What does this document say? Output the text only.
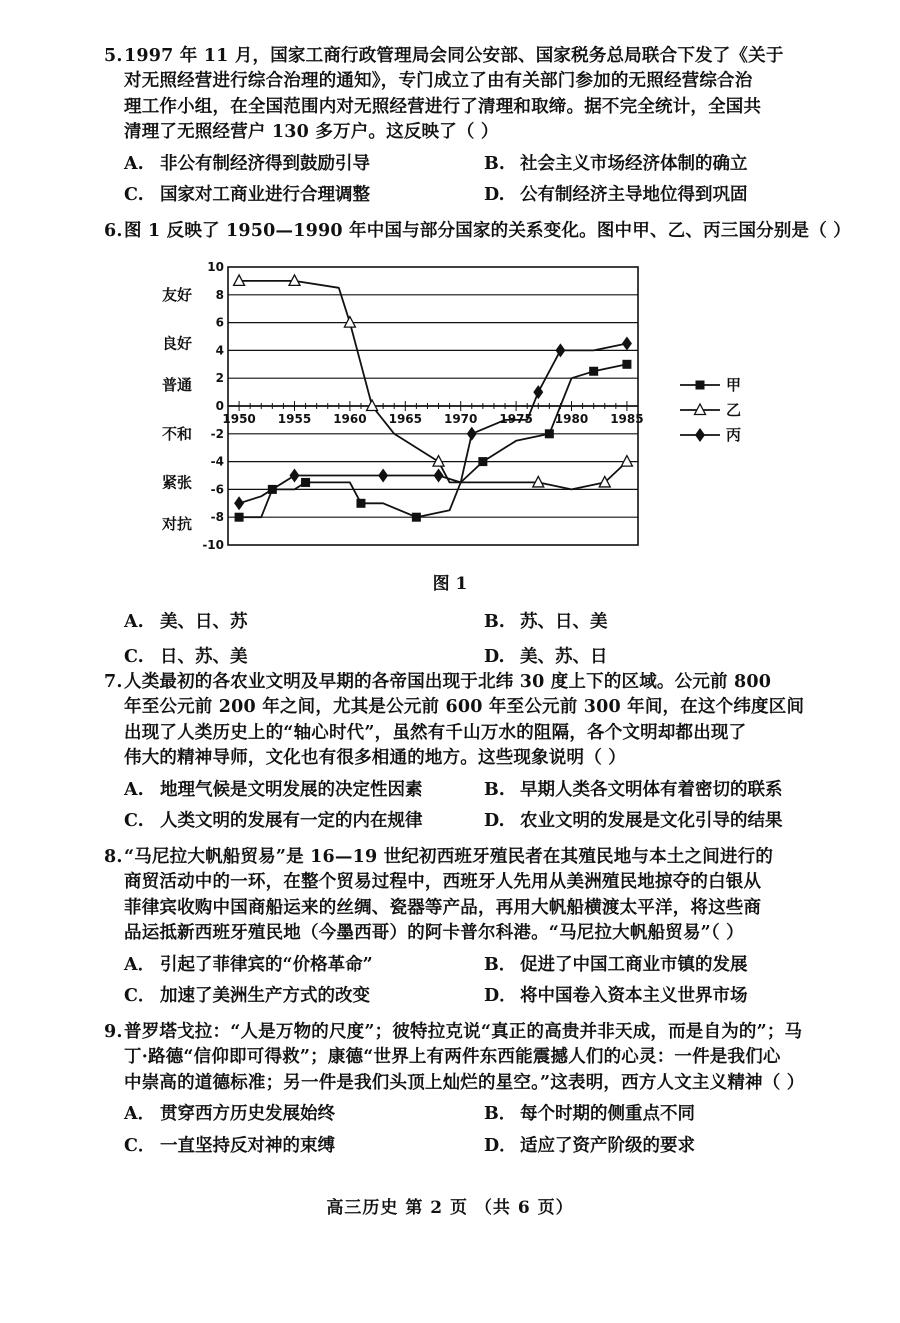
5.1997 年 11 月，国家工商行政管理局会同公安部、国家税务总局联合下发了《关于
对无照经营进行综合治理的通知》，专门成立了由有关部门参加的无照经营综合治
理工作小组，在全国范围内对无照经营进行了清理和取缔。据不完全统计，全国共
清理了无照经营户 130 多万户。这反映了（ ）
A. 非公有制经济得到鼓励引导	B. 社会主义市场经济体制的确立
C. 国家对工商业进行合理调整	D. 公有制经济主导地位得到巩固
6.图 1 反映了 1950—1990 年中国与部分国家的关系变化。图中甲、乙、丙三国分别是（ ）
10
8
6
4
2
0
-2
-4
-6
-8
-10
1950 1955 1960 1965 1970 1975 1980 1985
友好
良好
普通
不和
紧张
对抗
甲
乙
丙
图 1
A. 美、日、苏	B. 苏、日、美
C. 日、苏、美	D. 美、苏、日
7.人类最初的各农业文明及早期的各帝国出现于北纬 30 度上下的区域。公元前 800
年至公元前 200 年之间，尤其是公元前 600 年至公元前 300 年间，在这个纬度区间
出现了人类历史上的“轴心时代”，虽然有千山万水的阻隔，各个文明却都出现了
伟大的精神导师，文化也有很多相通的地方。这些现象说明（ ）
A. 地理气候是文明发展的决定性因素	B. 早期人类各文明体有着密切的联系
C. 人类文明的发展有一定的内在规律	D. 农业文明的发展是文化引导的结果
8.“马尼拉大帆船贸易”是 16—19 世纪初西班牙殖民者在其殖民地与本土之间进行的
商贸活动中的一环，在整个贸易过程中，西班牙人先用从美洲殖民地掠夺的白银从
菲律宾收购中国商船运来的丝绸、瓷器等产品，再用大帆船横渡太平洋，将这些商
品运抵新西班牙殖民地（今墨西哥）的阿卡普尔科港。“马尼拉大帆船贸易”（ ）
A． 引起了菲律宾的“价格革命”	B． 促进了中国工商业市镇的发展
C． 加速了美洲生产方式的改变	D． 将中国卷入资本主义世界市场
9.普罗塔戈拉：“人是万物的尺度”；彼特拉克说“真正的高贵并非天成，而是自为的”；马
丁·路德“信仰即可得救”；康德“世界上有两件东西能震撼人们的心灵：一件是我们心
中崇高的道德标准；另一件是我们头顶上灿烂的星空。”这表明，西方人文主义精神（ ）
A． 贯穿西方历史发展始终	B． 每个时期的侧重点不同
C． 一直坚持反对神的束缚	D． 适应了资产阶级的要求
高三历史 第 2 页 （共 6 页）
